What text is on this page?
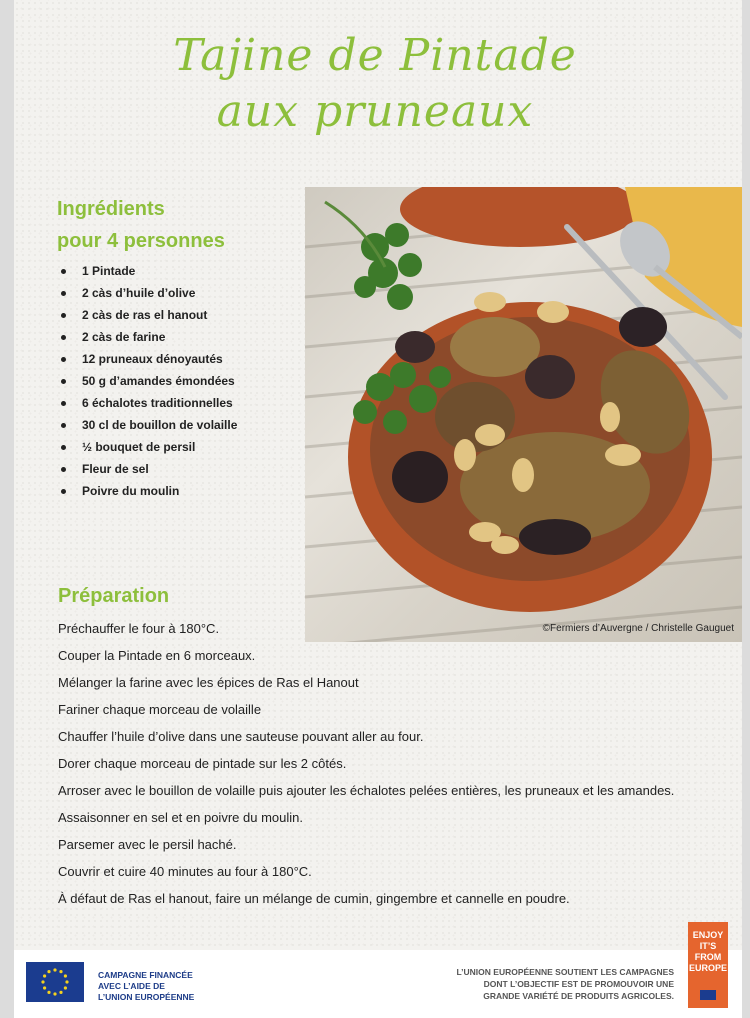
Tajine de Pintade
aux pruneaux
Ingrédients
pour 4 personnes
1 Pintade
2 càs d’huile d’olive
2 càs de ras el hanout
2 càs de farine
12 pruneaux dénoyautés
50 g d’amandes émondées
6 échalotes traditionnelles
30 cl de bouillon de volaille
½ bouquet de persil
Fleur de sel
Poivre du moulin
©Fermiers d’Auvergne / Christelle Gauguet
Préparation
Préchauffer le four à 180°C.
Couper la Pintade en 6 morceaux.
Mélanger la farine avec les épices de Ras el Hanout
Fariner chaque morceau de volaille
Chauffer l’huile d’olive dans une sauteuse pouvant aller au four.
Dorer chaque morceau de pintade sur les 2 côtés.
Arroser avec le bouillon de volaille puis ajouter les échalotes pelées entières, les pruneaux et les amandes.
Assaisonner en sel et en poivre du moulin.
Parsemer avec le persil haché.
Couvrir et cuire 40 minutes au four à 180°C.
À défaut de Ras el hanout, faire un mélange de cumin, gingembre et cannelle en poudre.
CAMPAGNE FINANCÉE
AVEC L’AIDE DE
L’UNION EUROPÉENNE
L’UNION EUROPÉENNE SOUTIENT LES CAMPAGNES
DONT L’OBJECTIF EST DE PROMOUVOIR UNE
GRANDE VARIÉTÉ DE PRODUITS AGRICOLES.
ENJOY
IT’S FROM
EUROPE
